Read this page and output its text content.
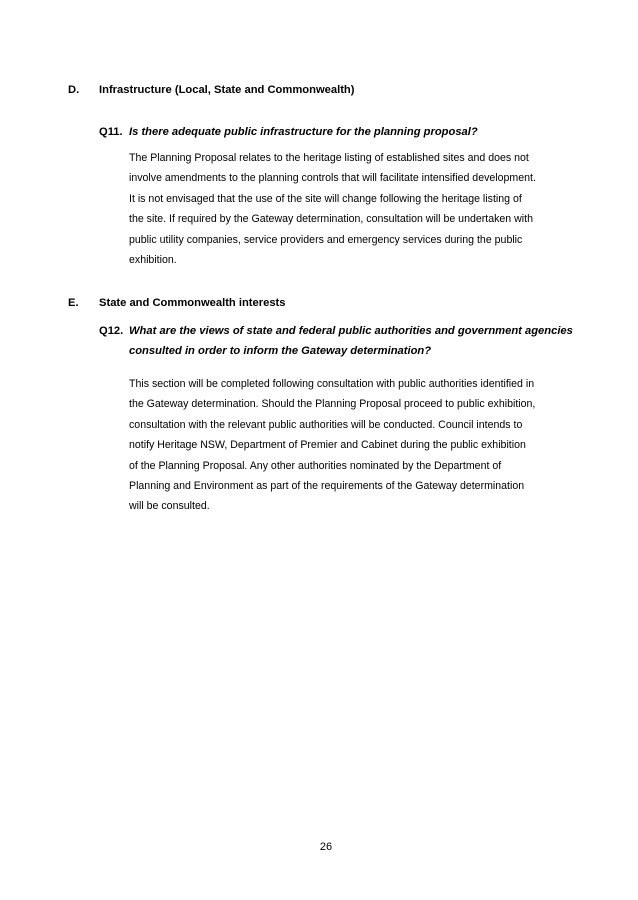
D. Infrastructure (Local, State and Commonwealth)
Q11. Is there adequate public infrastructure for the planning proposal?
The Planning Proposal relates to the heritage listing of established sites and does not
involve amendments to the planning controls that will facilitate intensified development.
It is not envisaged that the use of the site will change following the heritage listing of
the site. If required by the Gateway determination, consultation will be undertaken with
public utility companies, service providers and emergency services during the public
exhibition.
E. State and Commonwealth interests
Q12. What are the views of state and federal public authorities and government agencies
consulted in order to inform the Gateway determination?
This section will be completed following consultation with public authorities identified in
the Gateway determination. Should the Planning Proposal proceed to public exhibition,
consultation with the relevant public authorities will be conducted. Council intends to
notify Heritage NSW, Department of Premier and Cabinet during the public exhibition
of the Planning Proposal. Any other authorities nominated by the Department of
Planning and Environment as part of the requirements of the Gateway determination
will be consulted.
26
